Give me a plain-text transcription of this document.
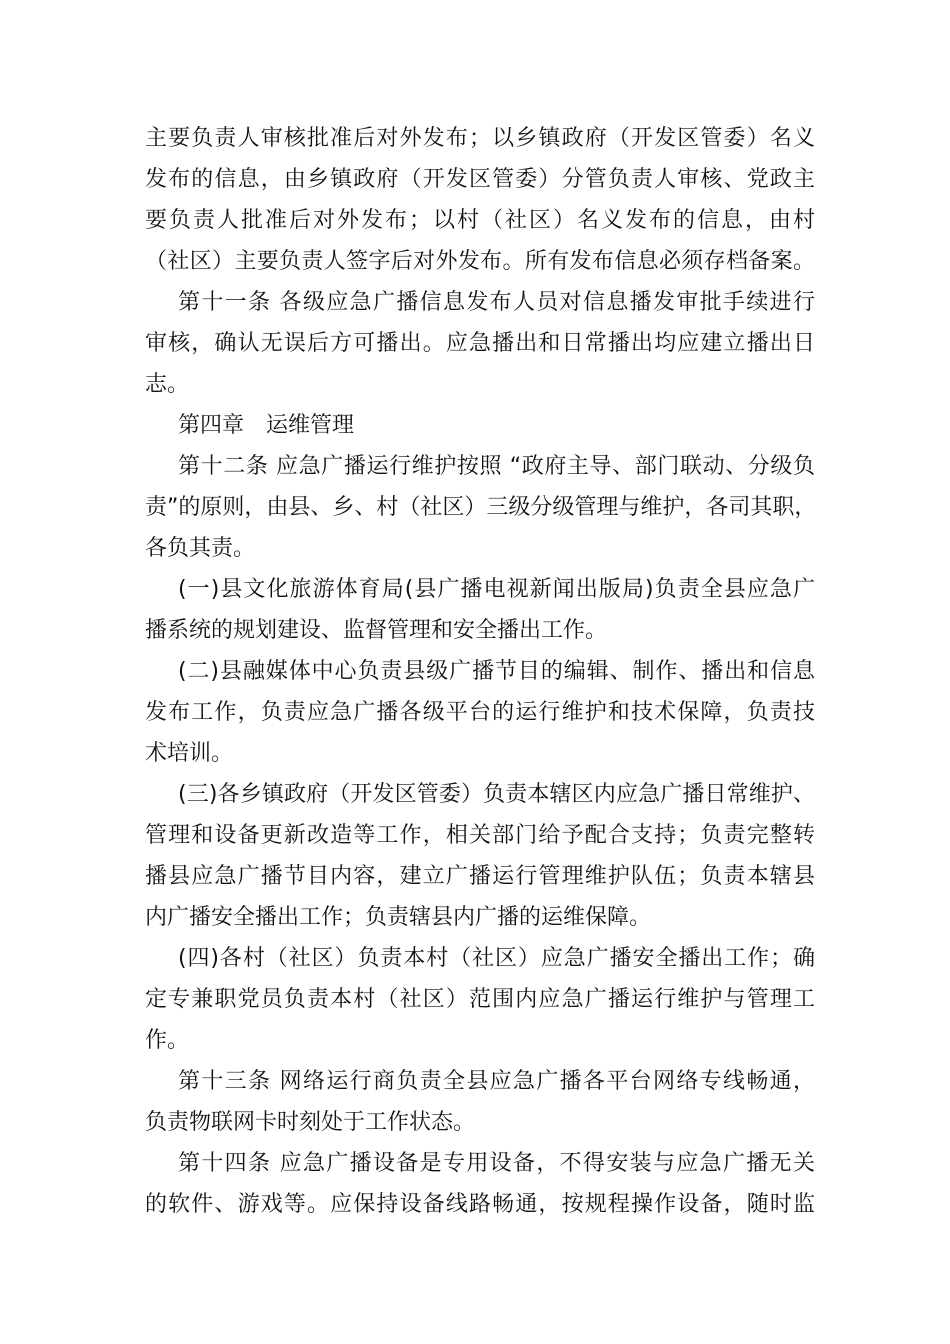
主要负责人审核批准后对外发布；以乡镇政府（开发区管委）名义
发布的信息，由乡镇政府（开发区管委）分管负责人审核、党政主
要负责人批准后对外发布；以村（社区）名义发布的信息，由村
（社区）主要负责人签字后对外发布。所有发布信息必须存档备案。
第十一条 各级应急广播信息发布人员对信息播发审批手续进行
审核，确认无误后方可播出。应急播出和日常播出均应建立播出日
志。
第四章　运维管理
第十二条 应急广播运行维护按照 “政府主导、部门联动、分级负
责”的原则，由县、乡、村（社区）三级分级管理与维护，各司其职，
各负其责。
(一)县文化旅游体育局(县广播电视新闻出版局)负责全县应急广
播系统的规划建设、监督管理和安全播出工作。
(二)县融媒体中心负责县级广播节目的编辑、制作、播出和信息
发布工作，负责应急广播各级平台的运行维护和技术保障，负责技
术培训。
(三)各乡镇政府（开发区管委）负责本辖区内应急广播日常维护、
管理和设备更新改造等工作，相关部门给予配合支持；负责完整转
播县应急广播节目内容，建立广播运行管理维护队伍；负责本辖县
内广播安全播出工作；负责辖县内广播的运维保障。
(四)各村（社区）负责本村（社区）应急广播安全播出工作；确
定专兼职党员负责本村（社区）范围内应急广播运行维护与管理工
作。
第十三条 网络运行商负责全县应急广播各平台网络专线畅通，
负责物联网卡时刻处于工作状态。
第十四条 应急广播设备是专用设备，不得安装与应急广播无关
的软件、游戏等。应保持设备线路畅通，按规程操作设备，随时监
